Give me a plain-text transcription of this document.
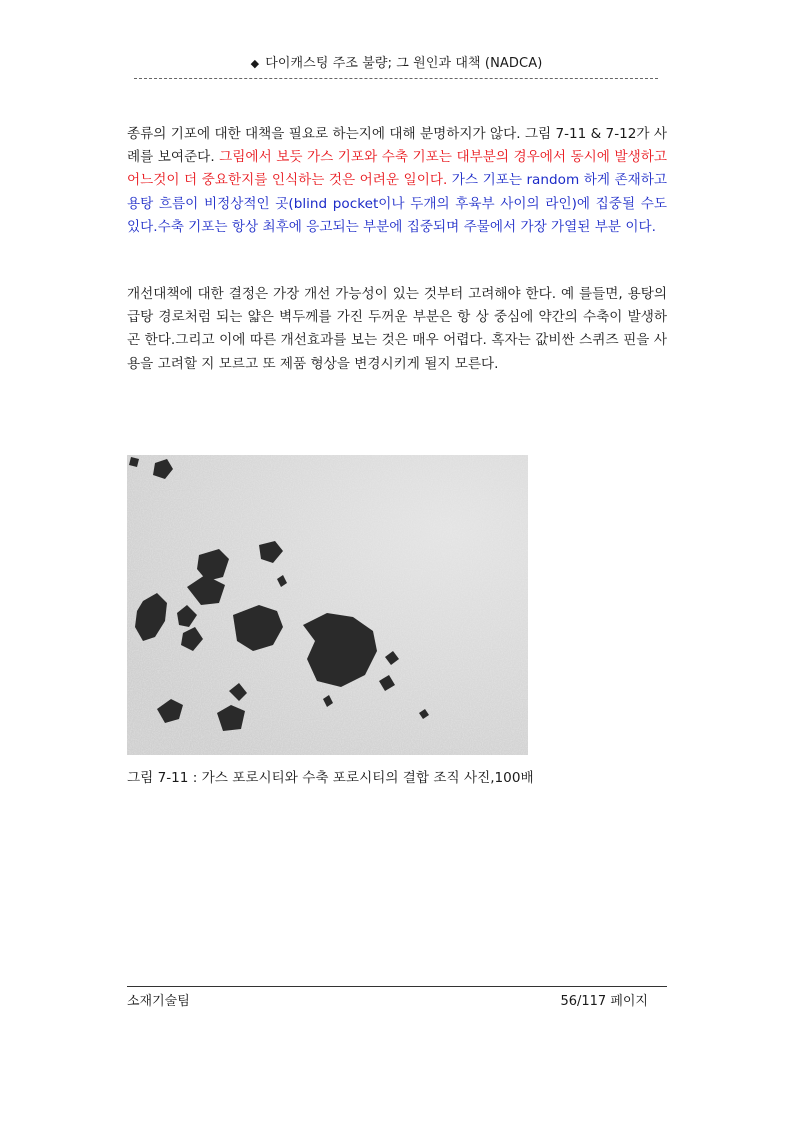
◆ 다이캐스팅 주조 불량; 그 원인과 대책 (NADCA)
종류의 기포에 대한 대책을 필요로 하는지에 대해 분명하지가 않다. 그림 7-11 & 7-12가 사례를 보여준다. 그림에서 보듯 가스 기포와 수축 기포는 대부분의 경우에서 동시에 발생하고 어느것이 더 중요한지를 인식하는 것은 어려운 일이다. 가스 기포는 random 하게 존재하고 용탕 흐름이 비정상적인 곳(blind pocket이나 두개의 후육부 사이의 라인)에 집중될 수도 있다.수축 기포는 항상 최후에 응고되는 부분에 집중되며 주물에서 가장 가열된 부분 이다.
개선대책에 대한 결정은 가장 개선 가능성이 있는 것부터 고려해야 한다. 예 를들면, 용탕의 급탕 경로처럼 되는 얇은 벽두께를 가진 두꺼운 부분은 항 상 중심에 약간의 수축이 발생하곤 한다.그리고 이에 따른 개선효과를 보는 것은 매우 어렵다. 혹자는 값비싼 스퀴즈 핀을 사용을 고려할 지 모르고 또 제품 형상을 변경시키게 될지 모른다.
그림 7-11 : 가스 포로시티와 수축 포로시티의 결합 조직 사진,100배
소재기술팀	56/117 페이지
